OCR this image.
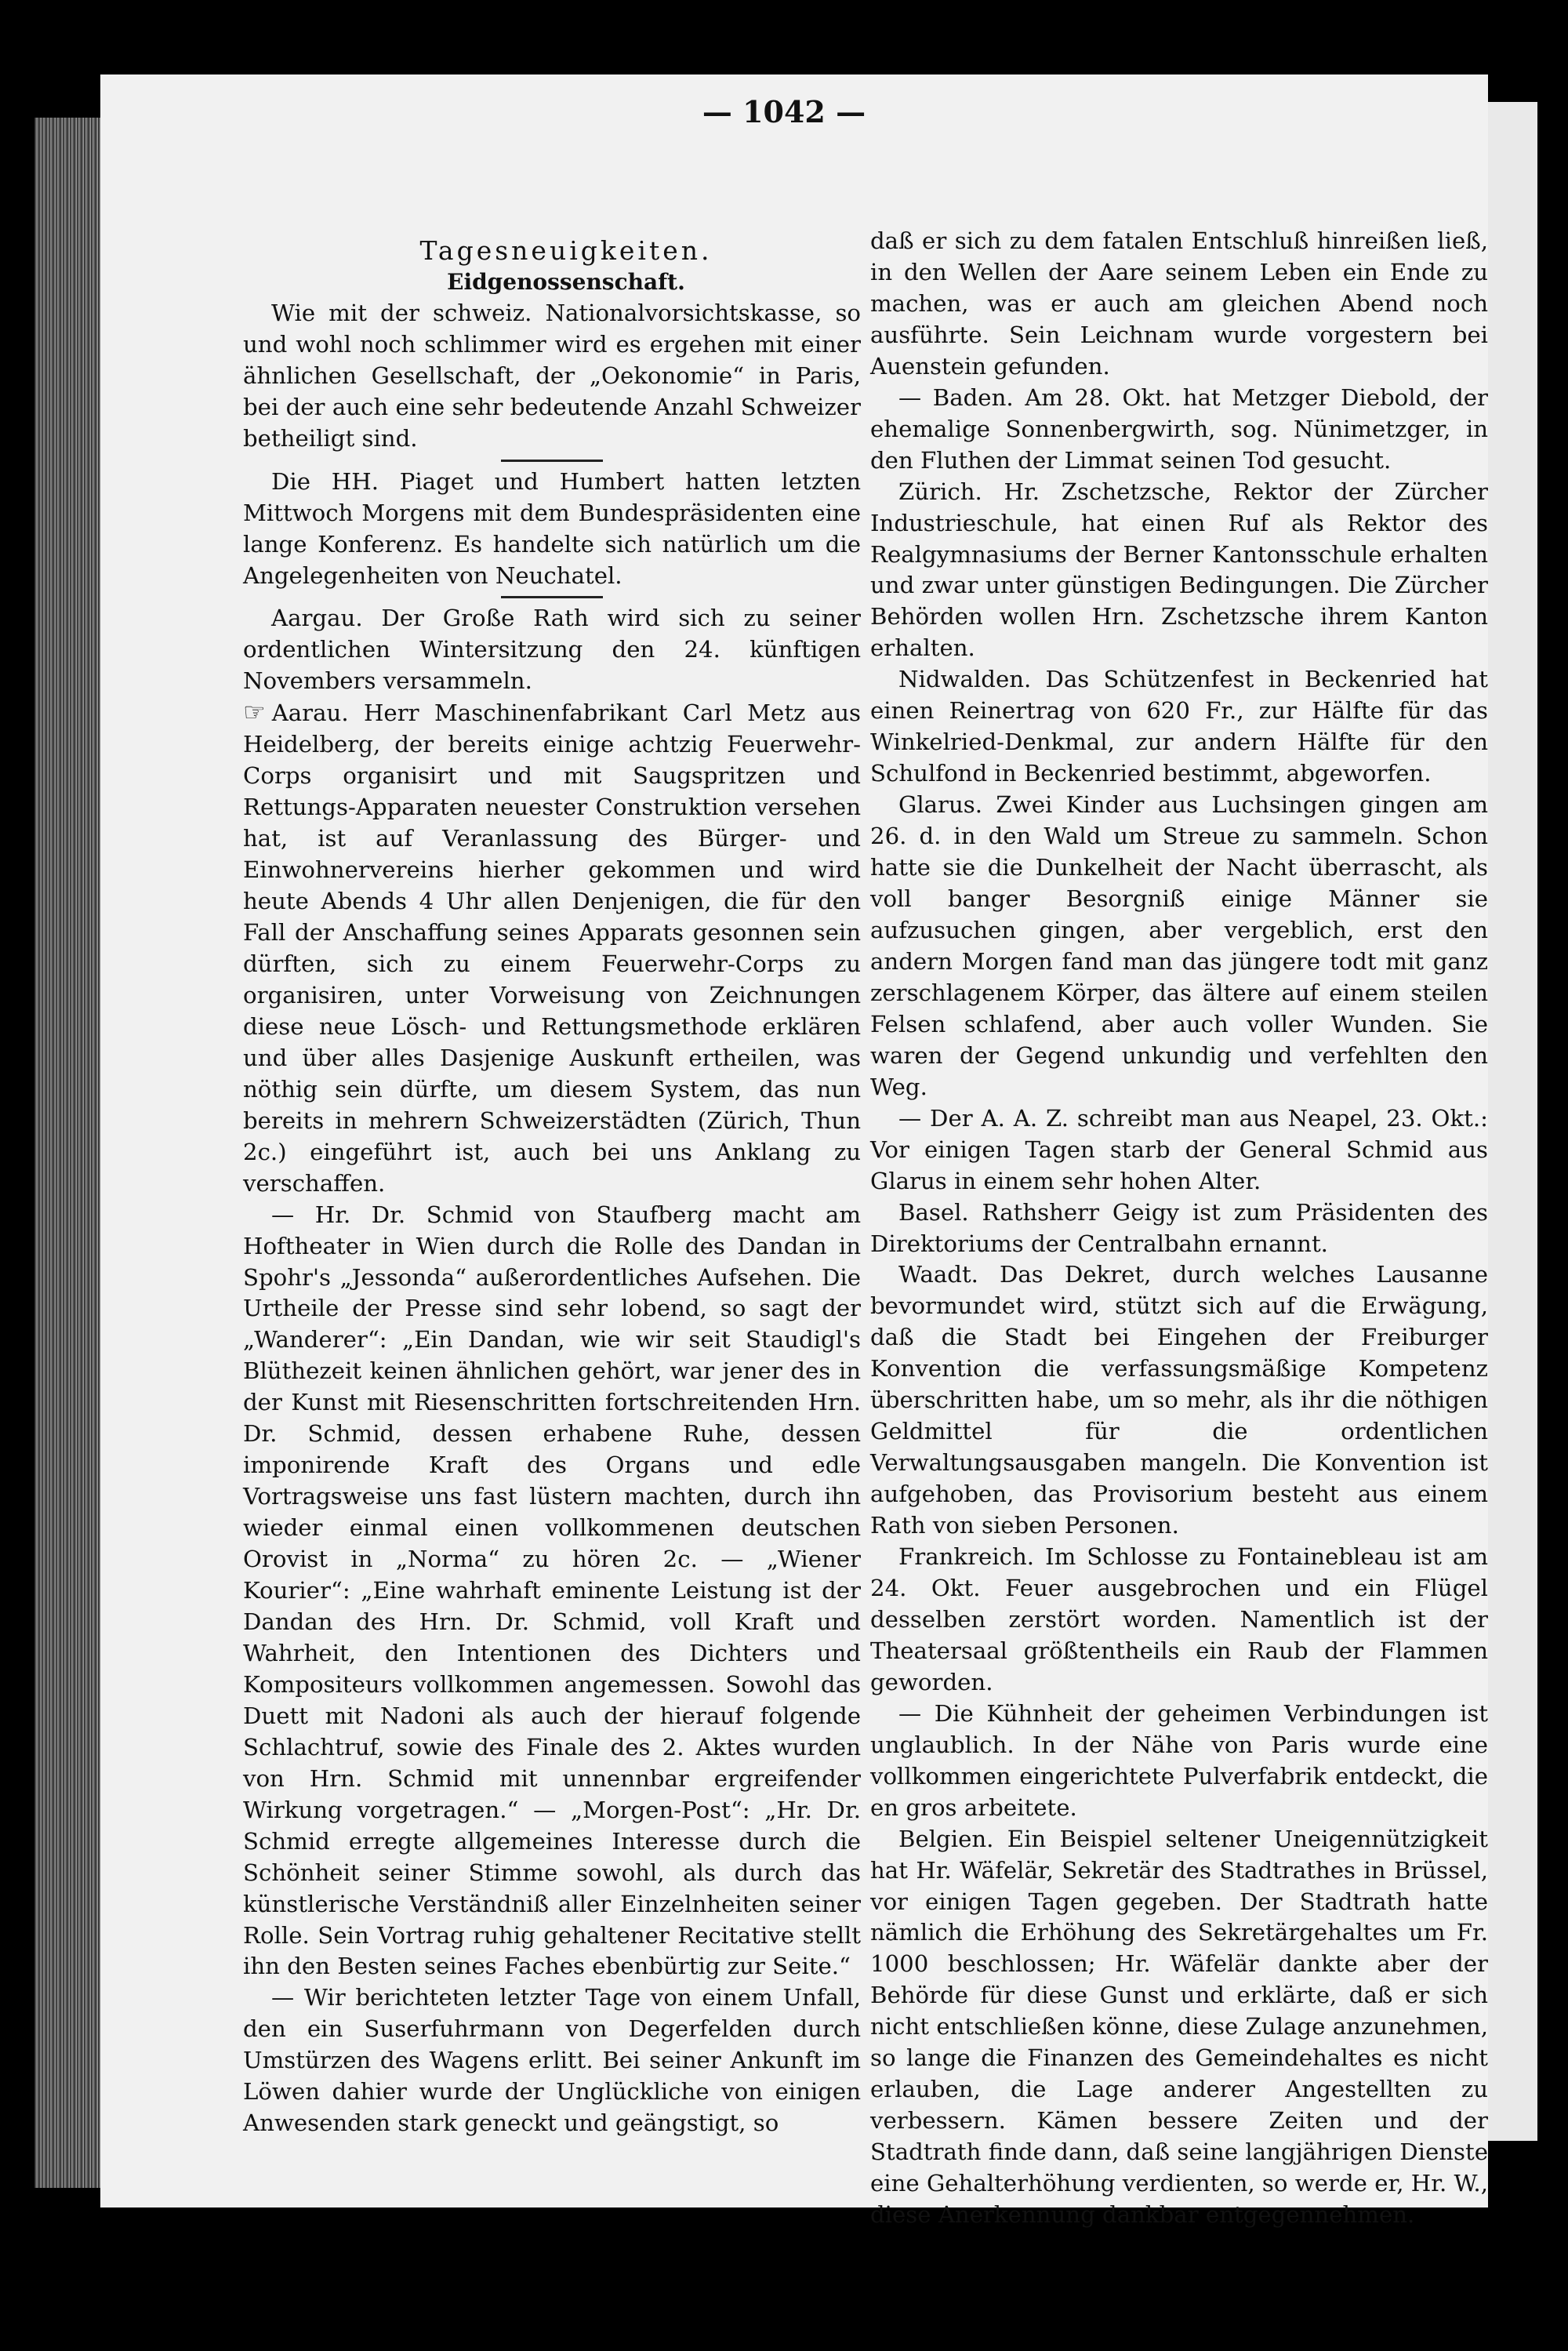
— 1042 —

Tagesneuigkeiten.

Eidgenossenschaft.

Wie mit der schweiz. Nationalvorsichtskasse, so und wohl noch schlimmer wird es ergehen mit einer ähnlichen Gesellschaft, der „Oekonomie“ in Paris, bei der auch eine sehr bedeutende Anzahl Schweizer betheiligt sind.

Die HH. Piaget und Humbert hatten letzten Mittwoch Morgens mit dem Bundespräsidenten eine lange Konferenz. Es handelte sich natürlich um die Angelegenheiten von Neuchatel.

Aargau. Der Große Rath wird sich zu seiner ordentlichen Wintersitzung den 24. künftigen Novembers versammeln.

☞ Aarau. Herr Maschinenfabrikant Carl Metz aus Heidelberg, der bereits einige achtzig Feuerwehr-Corps organisirt und mit Saugspritzen und Rettungs-Apparaten neuester Construktion versehen hat, ist auf Veranlassung des Bürger- und Einwohnervereins hierher gekommen und wird heute Abends 4 Uhr allen Denjenigen, die für den Fall der Anschaffung seines Apparats gesonnen sein dürften, sich zu einem Feuerwehr-Corps zu organisiren, unter Vorweisung von Zeichnungen diese neue Lösch- und Rettungsmethode erklären und über alles Dasjenige Auskunft ertheilen, was nöthig sein dürfte, um diesem System, das nun bereits in mehrern Schweizerstädten (Zürich, Thun 2c.) eingeführt ist, auch bei uns Anklang zu verschaffen.

— Hr. Dr. Schmid von Staufberg macht am Hoftheater in Wien durch die Rolle des Dandan in Spohr's „Jessonda“ außerordentliches Aufsehen. Die Urtheile der Presse sind sehr lobend, so sagt der „Wanderer“: „Ein Dandan, wie wir seit Staudigl's Blüthezeit keinen ähnlichen gehört, war jener des in der Kunst mit Riesenschritten fortschreitenden Hrn. Dr. Schmid, dessen erhabene Ruhe, dessen imponirende Kraft des Organs und edle Vortragsweise uns fast lüstern machten, durch ihn wieder einmal einen vollkommenen deutschen Orovist in „Norma“ zu hören 2c. — „Wiener Kourier“: „Eine wahrhaft eminente Leistung ist der Dandan des Hrn. Dr. Schmid, voll Kraft und Wahrheit, den Intentionen des Dichters und Kompositeurs vollkommen angemessen. Sowohl das Duett mit Nadoni als auch der hierauf folgende Schlachtruf, sowie des Finale des 2. Aktes wurden von Hrn. Schmid mit unnennbar ergreifender Wirkung vorgetragen.“ — „Morgen-Post“: „Hr. Dr. Schmid erregte allgemeines Interesse durch die Schönheit seiner Stimme sowohl, als durch das künstlerische Verständniß aller Einzelnheiten seiner Rolle. Sein Vortrag ruhig gehaltener Recitative stellt ihn den Besten seines Faches ebenbürtig zur Seite.“

— Wir berichteten letzter Tage von einem Unfall, den ein Suserfuhrmann von Degerfelden durch Umstürzen des Wagens erlitt. Bei seiner Ankunft im Löwen dahier wurde der Unglückliche von einigen Anwesenden stark geneckt und geängstigt, so

daß er sich zu dem fatalen Entschluß hinreißen ließ, in den Wellen der Aare seinem Leben ein Ende zu machen, was er auch am gleichen Abend noch ausführte. Sein Leichnam wurde vorgestern bei Auenstein gefunden.

— Baden. Am 28. Okt. hat Metzger Diebold, der ehemalige Sonnenbergwirth, sog. Nünimetzger, in den Fluthen der Limmat seinen Tod gesucht.

Zürich. Hr. Zschetzsche, Rektor der Zürcher Industrieschule, hat einen Ruf als Rektor des Realgymnasiums der Berner Kantonsschule erhalten und zwar unter günstigen Bedingungen. Die Zürcher Behörden wollen Hrn. Zschetzsche ihrem Kanton erhalten.

Nidwalden. Das Schützenfest in Beckenried hat einen Reinertrag von 620 Fr., zur Hälfte für das Winkelried-Denkmal, zur andern Hälfte für den Schulfond in Beckenried bestimmt, abgeworfen.

Glarus. Zwei Kinder aus Luchsingen gingen am 26. d. in den Wald um Streue zu sammeln. Schon hatte sie die Dunkelheit der Nacht überrascht, als voll banger Besorgniß einige Männer sie aufzusuchen gingen, aber vergeblich, erst den andern Morgen fand man das jüngere todt mit ganz zerschlagenem Körper, das ältere auf einem steilen Felsen schlafend, aber auch voller Wunden. Sie waren der Gegend unkundig und verfehlten den Weg.

— Der A. A. Z. schreibt man aus Neapel, 23. Okt.: Vor einigen Tagen starb der General Schmid aus Glarus in einem sehr hohen Alter.

Basel. Rathsherr Geigy ist zum Präsidenten des Direktoriums der Centralbahn ernannt.

Waadt. Das Dekret, durch welches Lausanne bevormundet wird, stützt sich auf die Erwägung, daß die Stadt bei Eingehen der Freiburger Konvention die verfassungsmäßige Kompetenz überschritten habe, um so mehr, als ihr die nöthigen Geldmittel für die ordentlichen Verwaltungsausgaben mangeln. Die Konvention ist aufgehoben, das Provisorium besteht aus einem Rath von sieben Personen.

Frankreich. Im Schlosse zu Fontainebleau ist am 24. Okt. Feuer ausgebrochen und ein Flügel desselben zerstört worden. Namentlich ist der Theatersaal größtentheils ein Raub der Flammen geworden.

— Die Kühnheit der geheimen Verbindungen ist unglaublich. In der Nähe von Paris wurde eine vollkommen eingerichtete Pulverfabrik entdeckt, die en gros arbeitete.

Belgien. Ein Beispiel seltener Uneigennützigkeit hat Hr. Wäfelär, Sekretär des Stadtrathes in Brüssel, vor einigen Tagen gegeben. Der Stadtrath hatte nämlich die Erhöhung des Sekretärgehaltes um Fr. 1000 beschlossen; Hr. Wäfelär dankte aber der Behörde für diese Gunst und erklärte, daß er sich nicht entschließen könne, diese Zulage anzunehmen, so lange die Finanzen des Gemeindehaltes es nicht erlauben, die Lage anderer Angestellten zu verbessern. Kämen bessere Zeiten und der Stadtrath finde dann, daß seine langjährigen Dienste eine Gehalterhöhung verdienten, so werde er, Hr. W., diese Anerkennung dankbar entgegennehmen.
